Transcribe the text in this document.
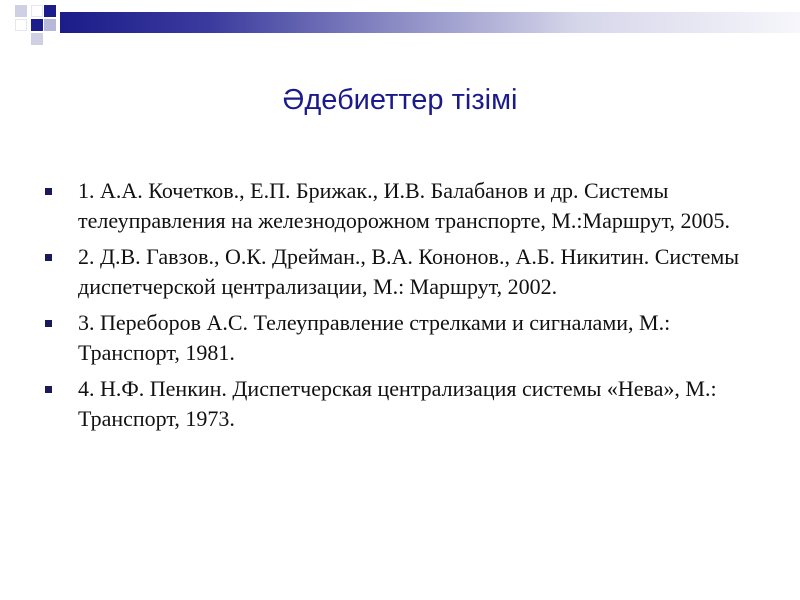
Әдебиеттер тізімі
1. А.А. Кочетков., Е.П. Брижак., И.В. Балабанов и др. Системы телеуправления на железнодорожном транспорте, М.:Маршрут, 2005.
2. Д.В. Гавзов., О.К. Дрейман., В.А. Кононов., А.Б. Никитин. Системы диспетчерской централизации, М.: Маршрут, 2002.
3. Переборов А.С. Телеуправление стрелками и сигналами, М.: Транспорт, 1981.
4. Н.Ф. Пенкин. Диспетчерская централизация системы «Нева», М.: Транспорт, 1973.
